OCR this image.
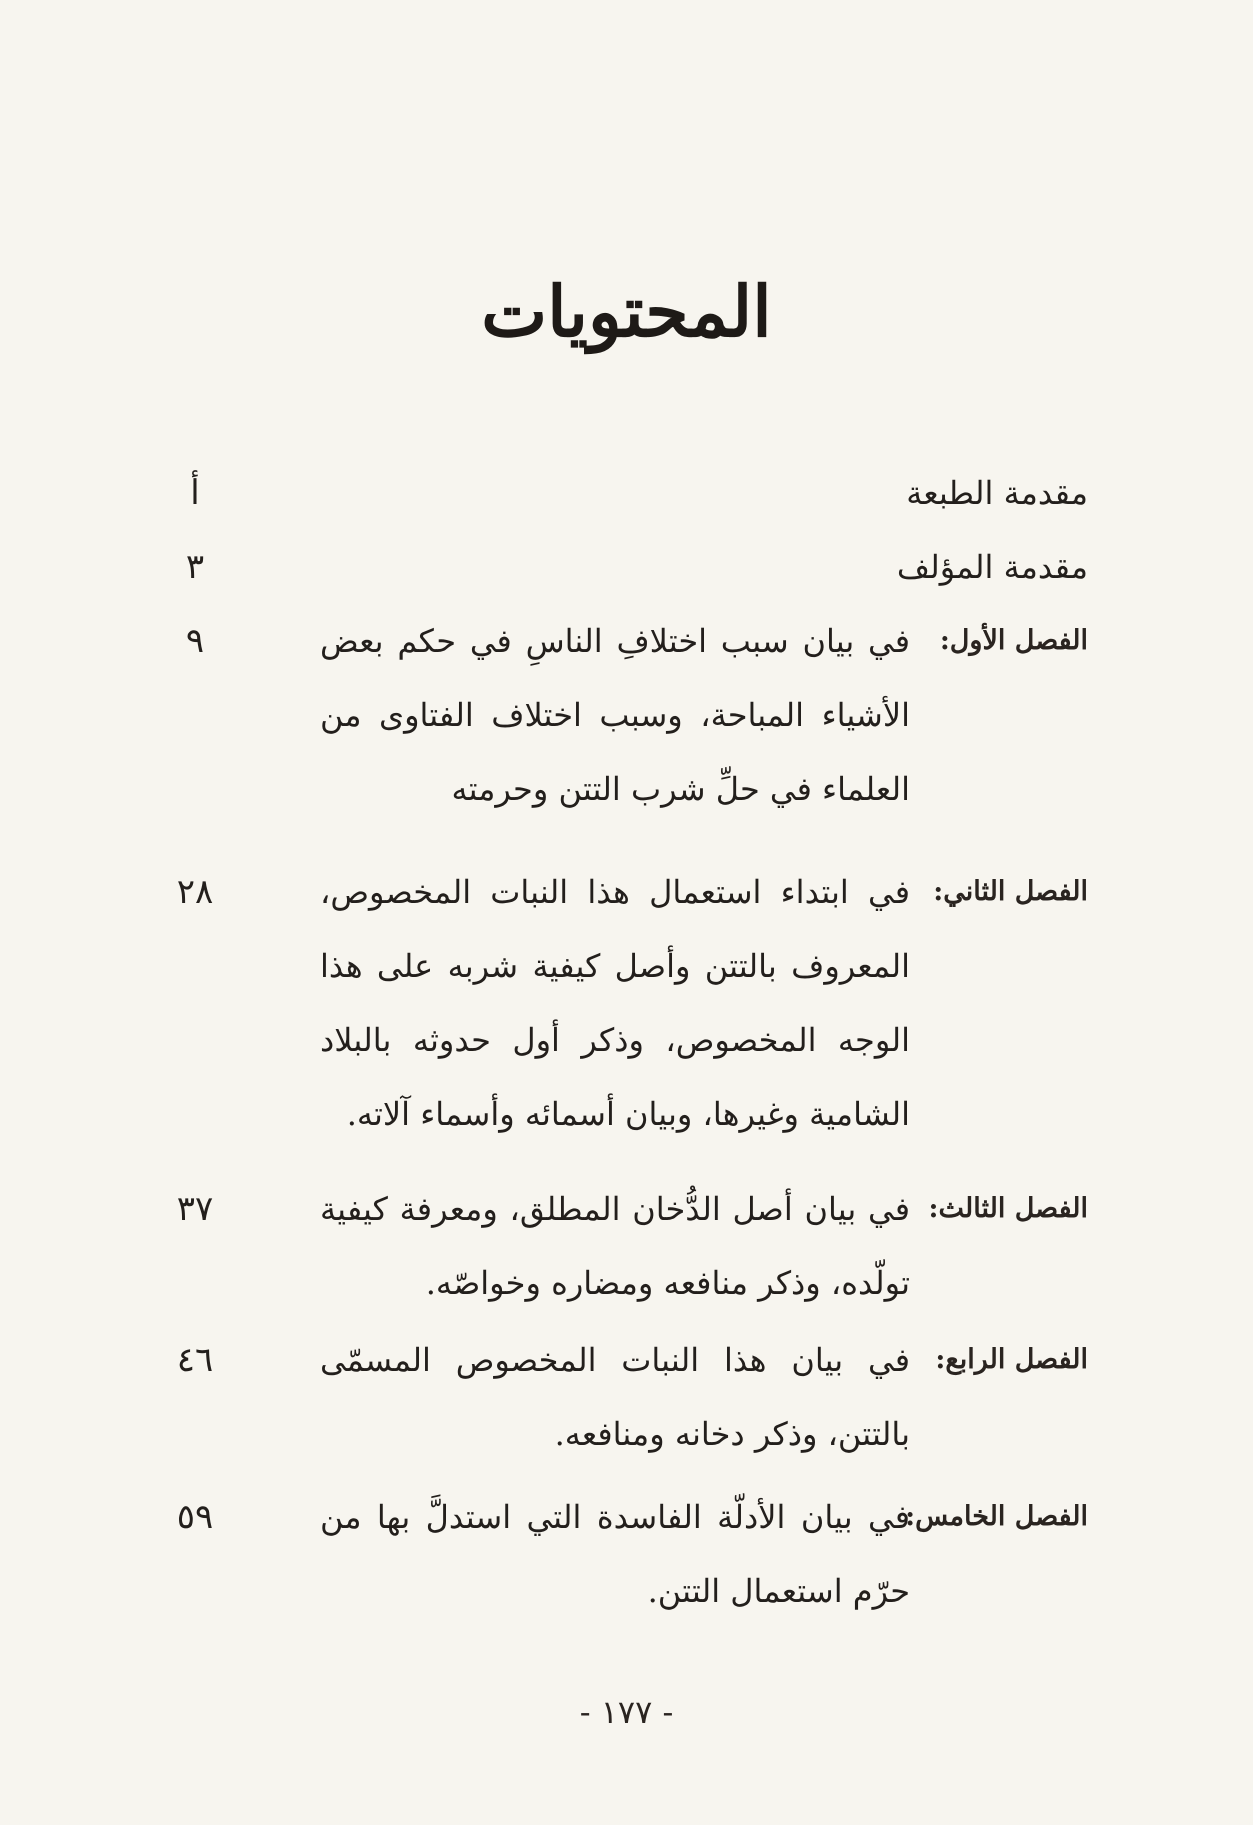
المحتويات
مقدمة الطبعة
أ
مقدمة المؤلف
٣
الفصل الأول:
في بيان سبب اختلافِ الناسِ في حكم بعض الأشياء المباحة، وسبب اختلاف الفتاوى من العلماء في حلِّ شرب التتن وحرمته
٩
الفصل الثاني:
في ابتداء استعمال هذا النبات المخصوص، المعروف بالتتن وأصل كيفية شربه على هذا الوجه المخصوص، وذكر أول حدوثه بالبلاد الشامية وغيرها، وبيان أسمائه وأسماء آلاته.
٢٨
الفصل الثالث:
في بيان أصل الدُّخان المطلق، ومعرفة كيفية تولّده، وذكر منافعه ومضاره وخواصّه.
٣٧
الفصل الرابع:
في بيان هذا النبات المخصوص المسمّى بالتتن، وذكر دخانه ومنافعه.
٤٦
الفصل الخامس:
في بيان الأدلّة الفاسدة التي استدلَّ بها من حرّم استعمال التتن.
٥٩
- ١٧٧ -
